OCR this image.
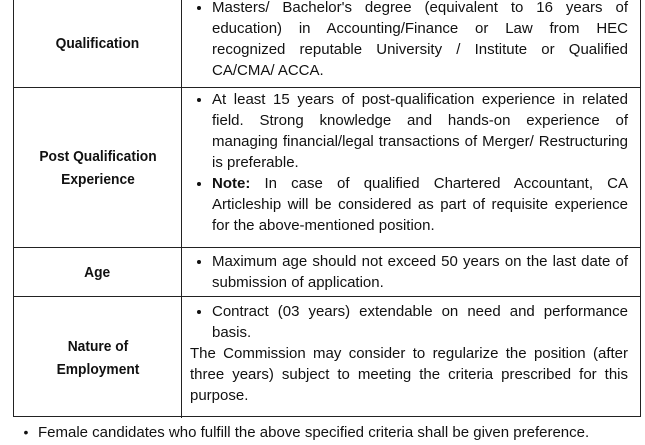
Qualification
• Masters/ Bachelor's degree (equivalent to 16 years of education) in Accounting/Finance or Law from HEC recognized reputable University / Institute or Qualified CA/CMA/ ACCA.
Post Qualification Experience
• At least 15 years of post-qualification experience in related field. Strong knowledge and hands-on experience of managing financial/legal transactions of Merger/ Restructuring is preferable.
• Note: In case of qualified Chartered Accountant, CA Articleship will be considered as part of requisite experience for the above-mentioned position.
Age
• Maximum age should not exceed 50 years on the last date of submission of application.
Nature of Employment
• Contract (03 years) extendable on need and performance basis.

The Commission may consider to regularize the position (after three years) subject to meeting the criteria prescribed for this purpose.

• Female candidates who fulfill the above specified criteria shall be given preference.
